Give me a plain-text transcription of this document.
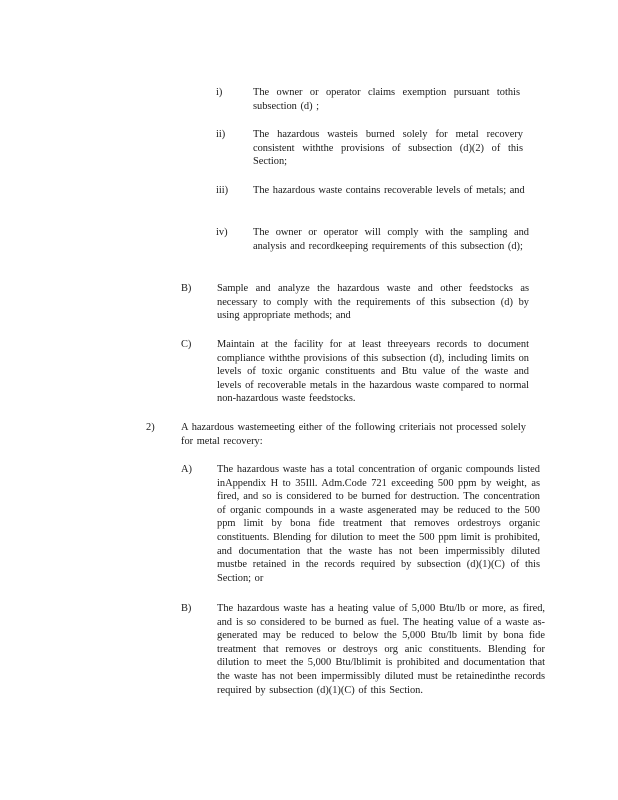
i)	The owner or operator claims exemption pursuant tothis subsection (d) ;
ii)	The hazardous wasteis burned solely for metal recovery consistent withthe provisions of subsection (d)(2) of this Section;
iii) The hazardous waste contains recoverable levels of metals; and
iv) The owner or operator will comply with the sampling and analysis and recordkeeping requirements of this subsection (d);
B) Sample and analyze the hazardous waste and other feedstocks as necessary to comply with the requirements of this subsection (d) by using appropriate methods; and
C) Maintain at the facility for at least threeyears records to document compliance withthe provisions of this subsection (d), including limits on levels of toxic organic constituents and Btu value of the waste and levels of recoverable metals in the hazardous waste compared to normal non-hazardous waste feedstocks.
2)	A hazardous wastemeeting either of the following criteriais not processed solely for metal recovery:
A) The hazardous waste has a total concentration of organic compounds listed inAppendix H to 35Ill. Adm.Code 721 exceeding 500 ppm by weight, as fired, and so is considered to be burned for destruction. The concentration of organic compounds in a waste asgenerated may be reduced to the 500 ppm limit by bona fide treatment that removes ordestroys organic constituents. Blending for dilution to meet the 500 ppm limit is prohibited, and documentation that the waste has not been impermissibly diluted mustbe retained in the records required by subsection (d)(1)(C) of this Section; or
B) The hazardous waste has a heating value of 5,000 Btu/lb or more, as fired, and is so considered to be burned as fuel. The heating value of a waste as-generated may be reduced to below the 5,000 Btu/lb limit by bona fide treatment that removes or destroys org anic constituents. Blending for dilution to meet the 5,000 Btu/lblimit is prohibited and documentation that the waste has not been impermissibly diluted must be retainedinthe records required by subsection (d)(1)(C) of this Section.
